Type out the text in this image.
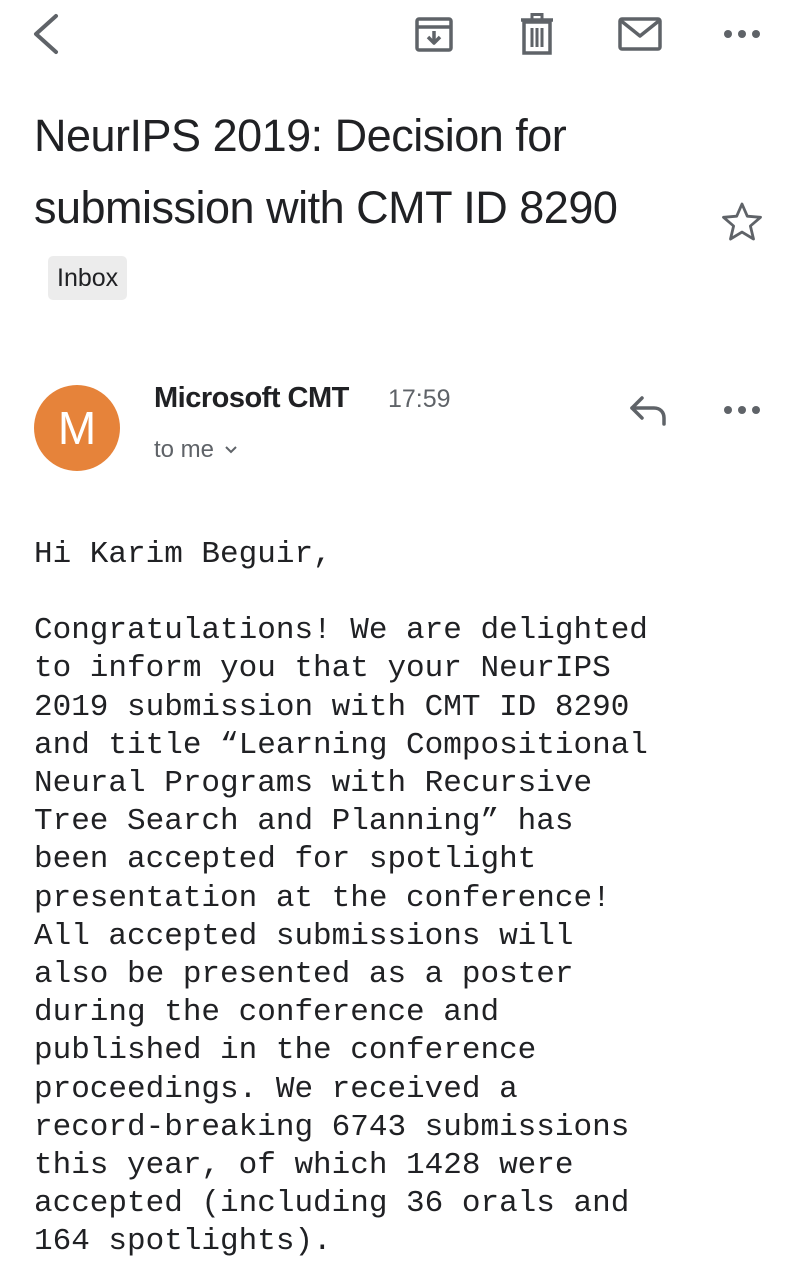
NeurIPS 2019: Decision for submission with CMT ID 8290Inbox
M
Microsoft CMT 17:59
to me

Hi Karim Beguir,

Congratulations! We are delighted

to inform you that your NeurIPS

2019 submission with CMT ID 8290

and title “Learning Compositional

Neural Programs with Recursive

Tree Search and Planning” has

been accepted for spotlight

presentation at the conference!

All accepted submissions will

also be presented as a poster

during the conference and

published in the conference

proceedings. We received a

record-breaking 6743 submissions

this year, of which 1428 were

accepted (including 36 orals and

164 spotlights).
